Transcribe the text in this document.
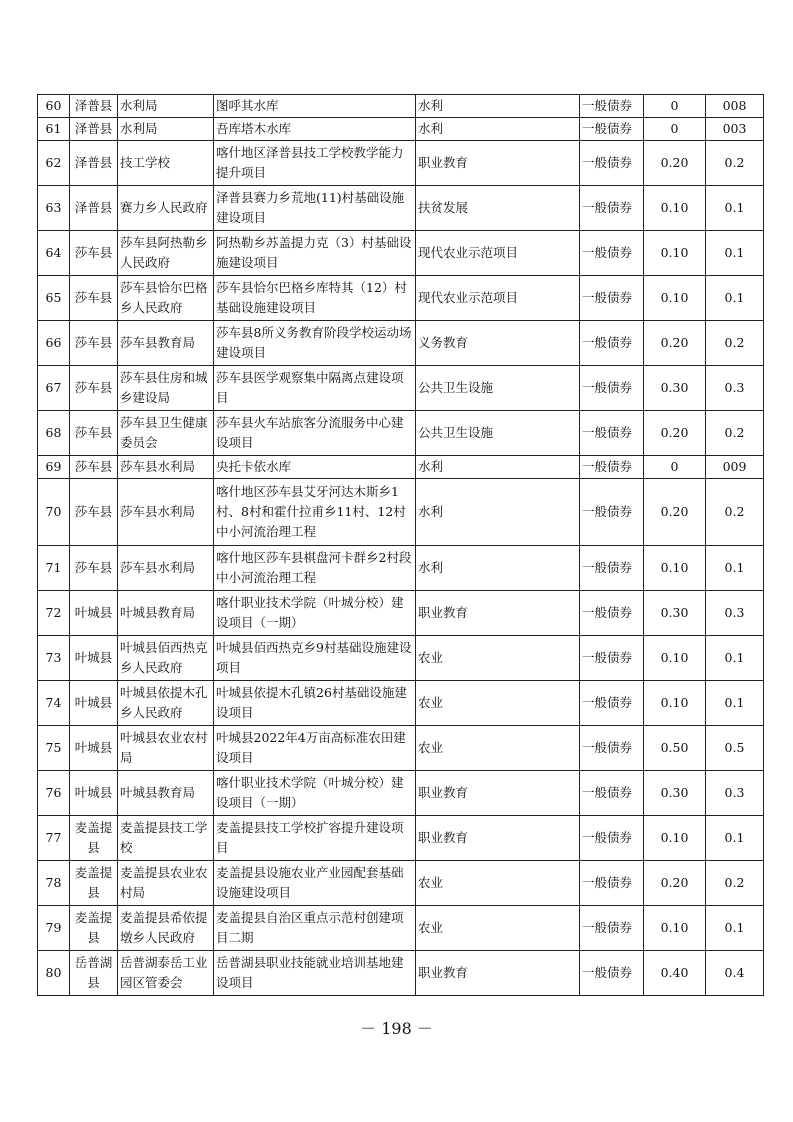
60	泽普县	水利局	图呼其水库	水利	一般债券	0	008
61	泽普县	水利局	吾库塔木水库	水利	一般债券	0	003
62	泽普县	技工学校	喀什地区泽普县技工学校教学能力提升项目	职业教育	一般债券	0.20	0.2
63	泽普县	赛力乡人民政府	泽普县赛力乡荒地(11)村基础设施建设项目	扶贫发展	一般债券	0.10	0.1
64	莎车县	莎车县阿热勒乡人民政府	阿热勒乡苏盖提力克（3）村基础设施建设项目	现代农业示范项目	一般债券	0.10	0.1
65	莎车县	莎车县恰尔巴格乡人民政府	莎车县恰尔巴格乡库特其（12）村基础设施建设项目	现代农业示范项目	一般债券	0.10	0.1
66	莎车县	莎车县教育局	莎车县8所义务教育阶段学校运动场建设项目	义务教育	一般债券	0.20	0.2
67	莎车县	莎车县住房和城乡建设局	莎车县医学观察集中隔离点建设项目	公共卫生设施	一般债券	0.30	0.3
68	莎车县	莎车县卫生健康委员会	莎车县火车站旅客分流服务中心建设项目	公共卫生设施	一般债券	0.20	0.2
69	莎车县	莎车县水利局	央托卡依水库	水利	一般债券	0	009
70	莎车县	莎车县水利局	喀什地区莎车县艾牙河达木斯乡1村、8村和霍什拉甫乡11村、12村中小河流治理工程	水利	一般债券	0.20	0.2
71	莎车县	莎车县水利局	喀什地区莎车县棋盘河卡群乡2村段中小河流治理工程	水利	一般债券	0.10	0.1
72	叶城县	叶城县教育局	喀什职业技术学院（叶城分校）建设项目（一期）	职业教育	一般债券	0.30	0.3
73	叶城县	叶城县佰西热克乡人民政府	叶城县佰西热克乡9村基础设施建设项目	农业	一般债券	0.10	0.1
74	叶城县	叶城县依提木孔乡人民政府	叶城县依提木孔镇26村基础设施建设项目	农业	一般债券	0.10	0.1
75	叶城县	叶城县农业农村局	叶城县2022年4万亩高标准农田建设项目	农业	一般债券	0.50	0.5
76	叶城县	叶城县教育局	喀什职业技术学院（叶城分校）建设项目（一期）	职业教育	一般债券	0.30	0.3
77	麦盖提县	麦盖提县技工学校	麦盖提县技工学校扩容提升建设项目	职业教育	一般债券	0.10	0.1
78	麦盖提县	麦盖提县农业农村局	麦盖提县设施农业产业园配套基础设施建设项目	农业	一般债券	0.20	0.2
79	麦盖提县	麦盖提县希依提墩乡人民政府	麦盖提县自治区重点示范村创建项目二期	农业	一般债券	0.10	0.1
80	岳普湖县	岳普湖泰岳工业园区管委会	岳普湖县职业技能就业培训基地建设项目	职业教育	一般债券	0.40	0.4
－ 198 －
